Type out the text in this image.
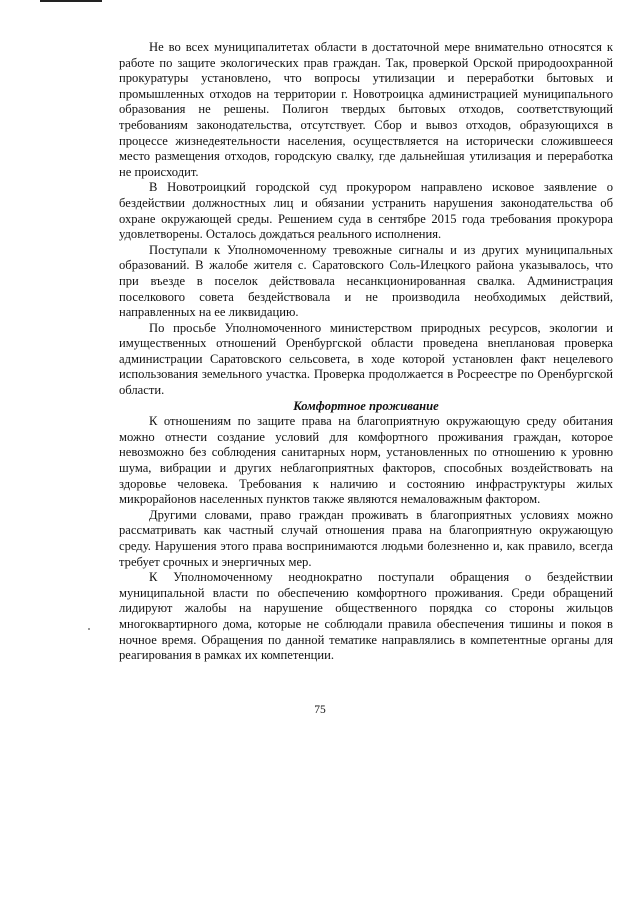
Не во всех муниципалитетах области в достаточной мере внимательно относятся к работе по защите экологических прав граждан. Так, проверкой Орской природоохранной прокуратуры установлено, что вопросы утилизации и переработки бытовых и промышленных отходов на территории г. Новотроицка администрацией муниципального образования не решены. Полигон твердых бытовых отходов, соответствующий требованиям законодательства, отсутствует. Сбор и вывоз отходов, образующихся в процессе жизнедеятельности населения, осуществляется на исторически сложившееся место размещения отходов, городскую свалку, где дальнейшая утилизация и переработка не происходит.

В Новотроицкий городской суд прокурором направлено исковое заявление о бездействии должностных лиц и обязании устранить нарушения законодательства об охране окружающей среды. Решением суда в сентябре 2015 года требования прокурора удовлетворены. Осталось дождаться реального исполнения.

Поступали к Уполномоченному тревожные сигналы и из других муниципальных образований. В жалобе жителя с. Саратовского Соль-Илецкого района указывалось, что при въезде в поселок действовала несанкционированная свалка. Администрация поселкового совета бездействовала и не производила необходимых действий, направленных на ее ликвидацию.

По просьбе Уполномоченного министерством природных ресурсов, экологии и имущественных отношений Оренбургской области проведена внеплановая проверка администрации Саратовского сельсовета, в ходе которой установлен факт нецелевого использования земельного участка. Проверка продолжается в Росреестре по Оренбургской области.

Комфортное проживание

К отношениям по защите права на благоприятную окружающую среду обитания можно отнести создание условий для комфортного проживания граждан, которое невозможно без соблюдения санитарных норм, установленных по отношению к уровню шума, вибрации и других неблагоприятных факторов, способных воздействовать на здоровье человека. Требования к наличию и состоянию инфраструктуры жилых микрорайонов населенных пунктов также являются немаловажным фактором.

Другими словами, право граждан проживать в благоприятных условиях можно рассматривать как частный случай отношения права на благоприятную окружающую среду. Нарушения этого права воспринимаются людьми болезненно и, как правило, всегда требует срочных и энергичных мер.

К Уполномоченному неоднократно поступали обращения о бездействии муниципальной власти по обеспечению комфортного проживания. Среди обращений лидируют жалобы на нарушение общественного порядка со стороны жильцов многоквартирного дома, которые не соблюдали правила обеспечения тишины и покоя в ночное время. Обращения по данной тематике направлялись в компетентные органы для реагирования в рамках их компетенции.

75
